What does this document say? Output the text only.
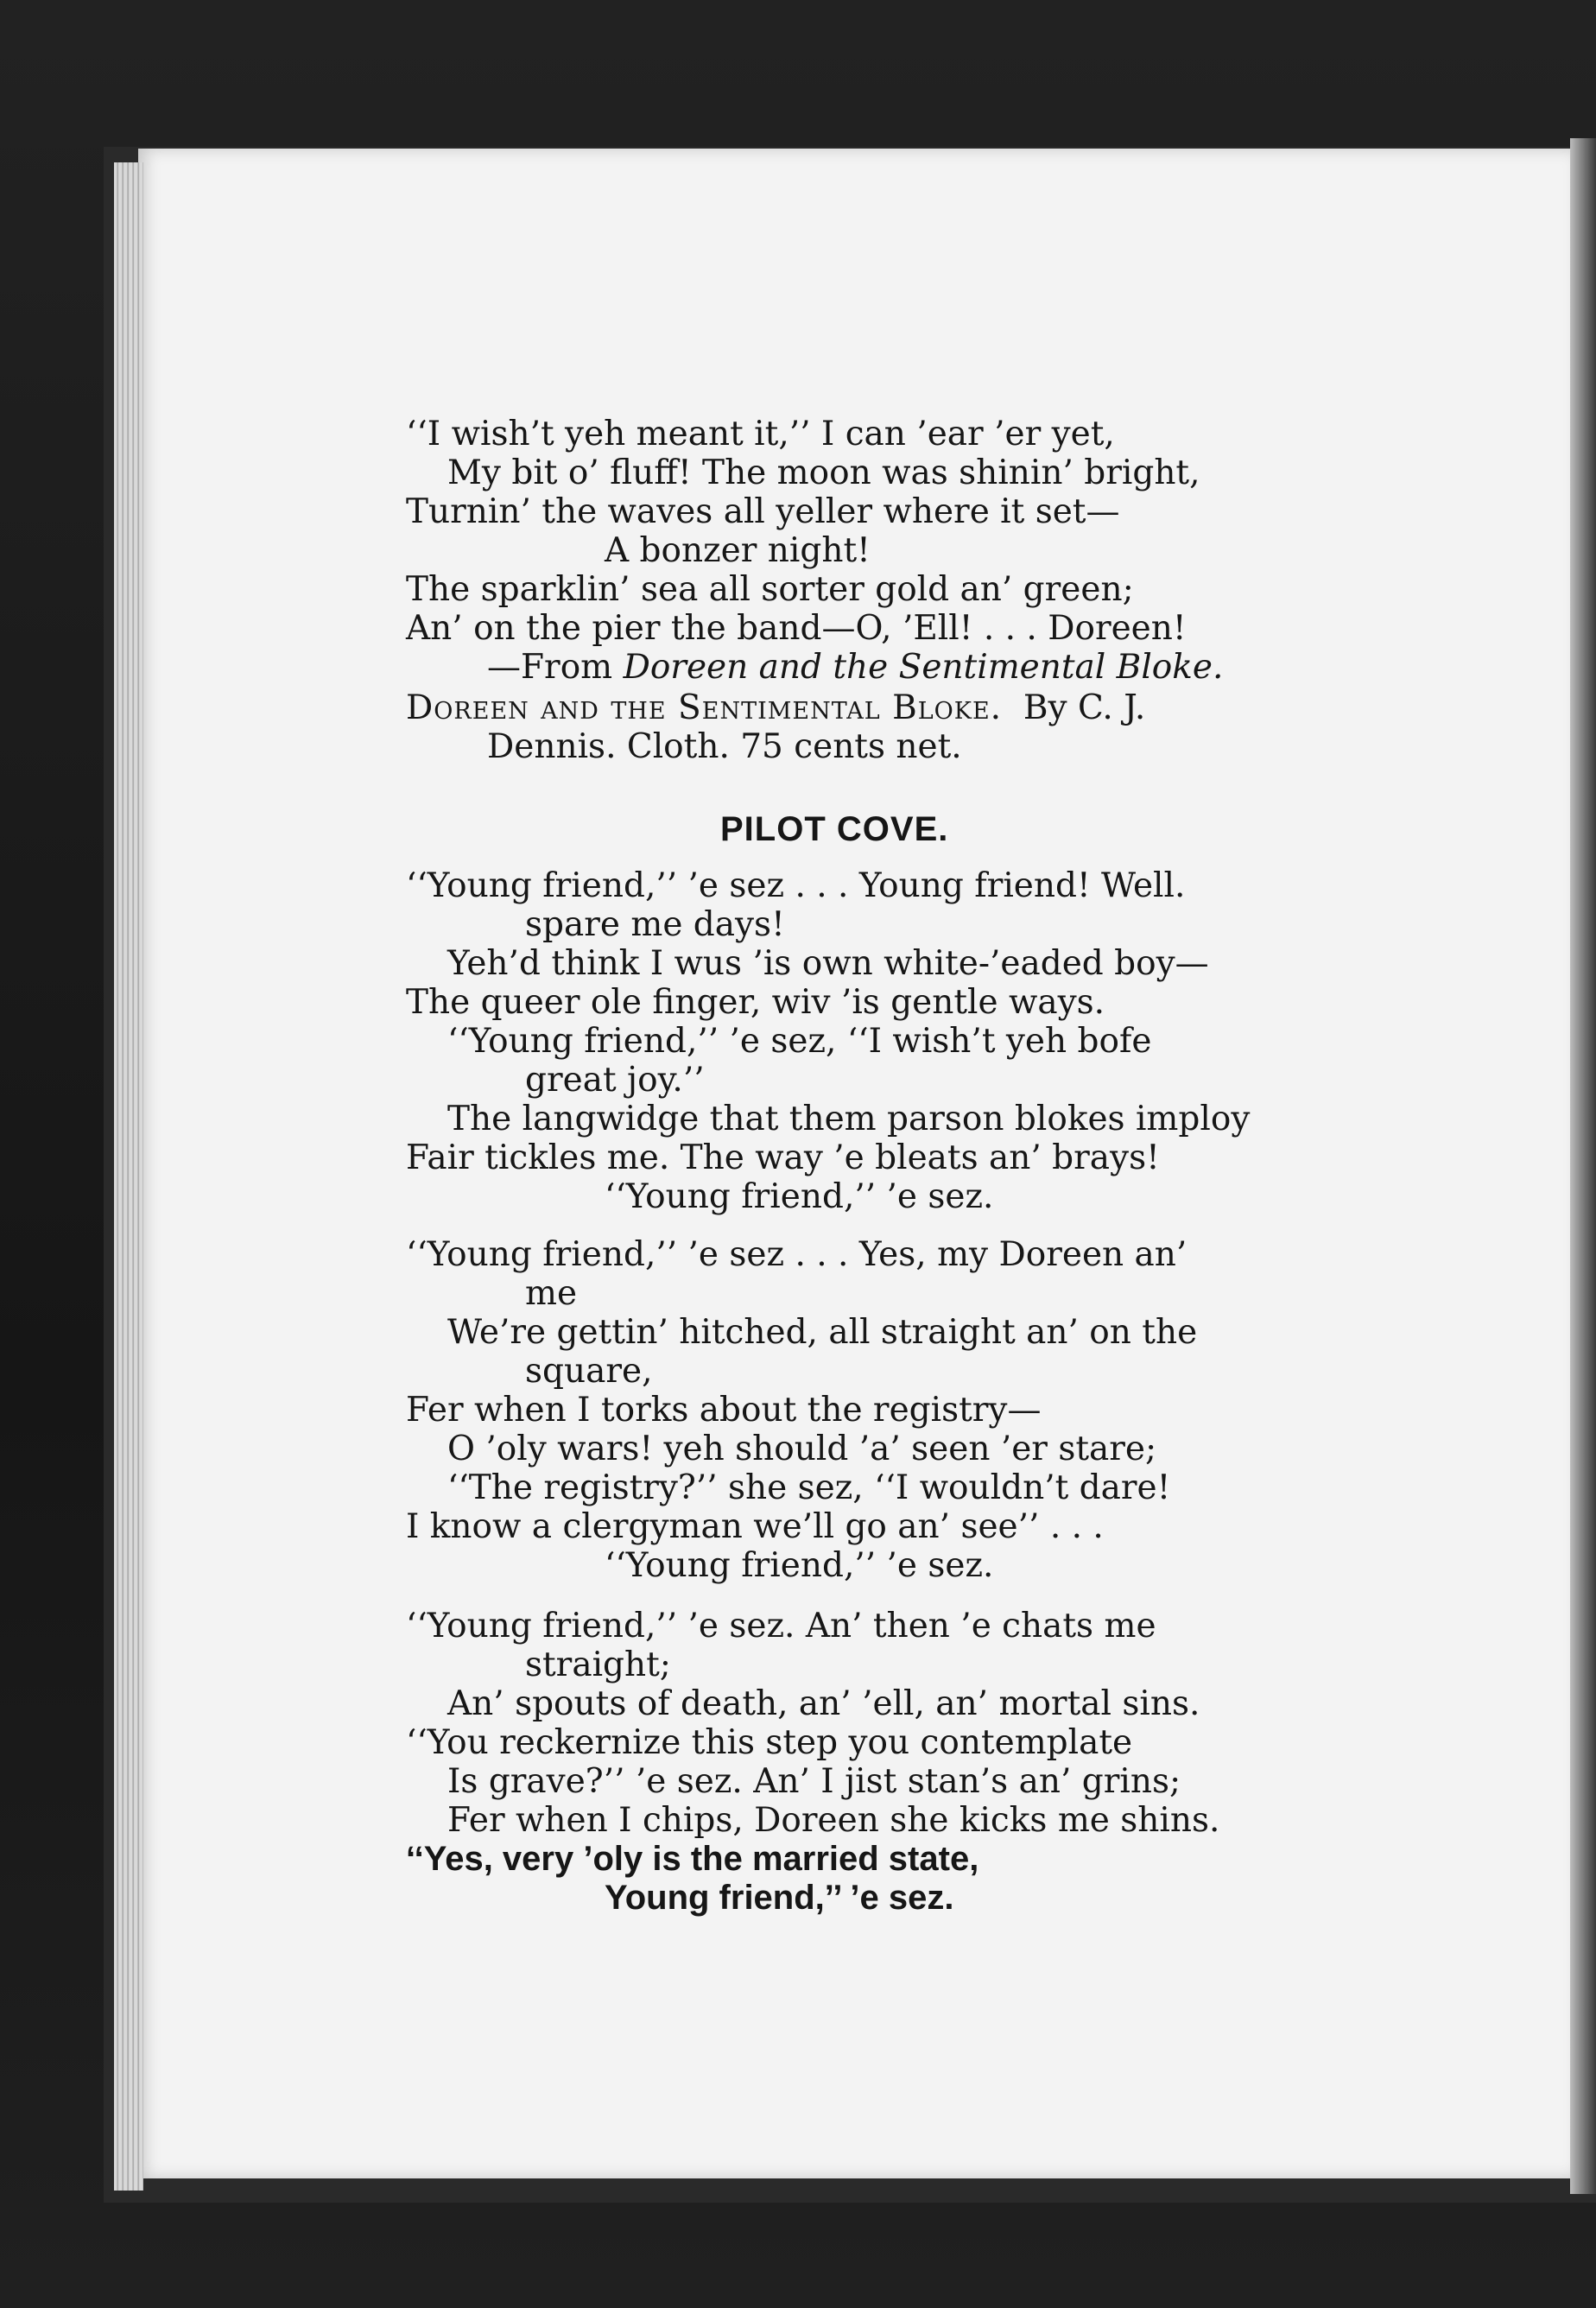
‘‘I wish’t yeh meant it,’’ I can ’ear ’er yet,
My bit o’ fluff! The moon was shinin’ bright,
Turnin’ the waves all yeller where it set—
A bonzer night!
The sparklin’ sea all sorter gold an’ green;
An’ on the pier the band—O, ’Ell! . . . Doreen!
—From Doreen and the Sentimental Bloke.
Doreen and the Sentimental Bloke. By C. J.
Dennis. Cloth. 75 cents net.
PILOT COVE.
‘‘Young friend,’’ ’e sez . . . Young friend! Well.
spare me days!
Yeh’d think I wus ’is own white-’eaded boy—
The queer ole finger, wiv ’is gentle ways.
‘‘Young friend,’’ ’e sez, ‘‘I wish’t yeh bofe
great joy.’’
The langwidge that them parson blokes imploy
Fair tickles me. The way ’e bleats an’ brays!
‘‘Young friend,’’ ’e sez.
‘‘Young friend,’’ ’e sez . . . Yes, my Doreen an’
me
We’re gettin’ hitched, all straight an’ on the
square,
Fer when I torks about the registry—
O ’oly wars! yeh should ’a’ seen ’er stare;
‘‘The registry?’’ she sez, ‘‘I wouldn’t dare!
I know a clergyman we’ll go an’ see’’ . . .
‘‘Young friend,’’ ’e sez.
‘‘Young friend,’’ ’e sez. An’ then ’e chats me
straight;
An’ spouts of death, an’ ’ell, an’ mortal sins.
‘‘You reckernize this step you contemplate
Is grave?’’ ’e sez. An’ I jist stan’s an’ grins;
Fer when I chips, Doreen she kicks me shins.
‘‘Yes, very ’oly is the married state,
Young friend,’’ ’e sez.
